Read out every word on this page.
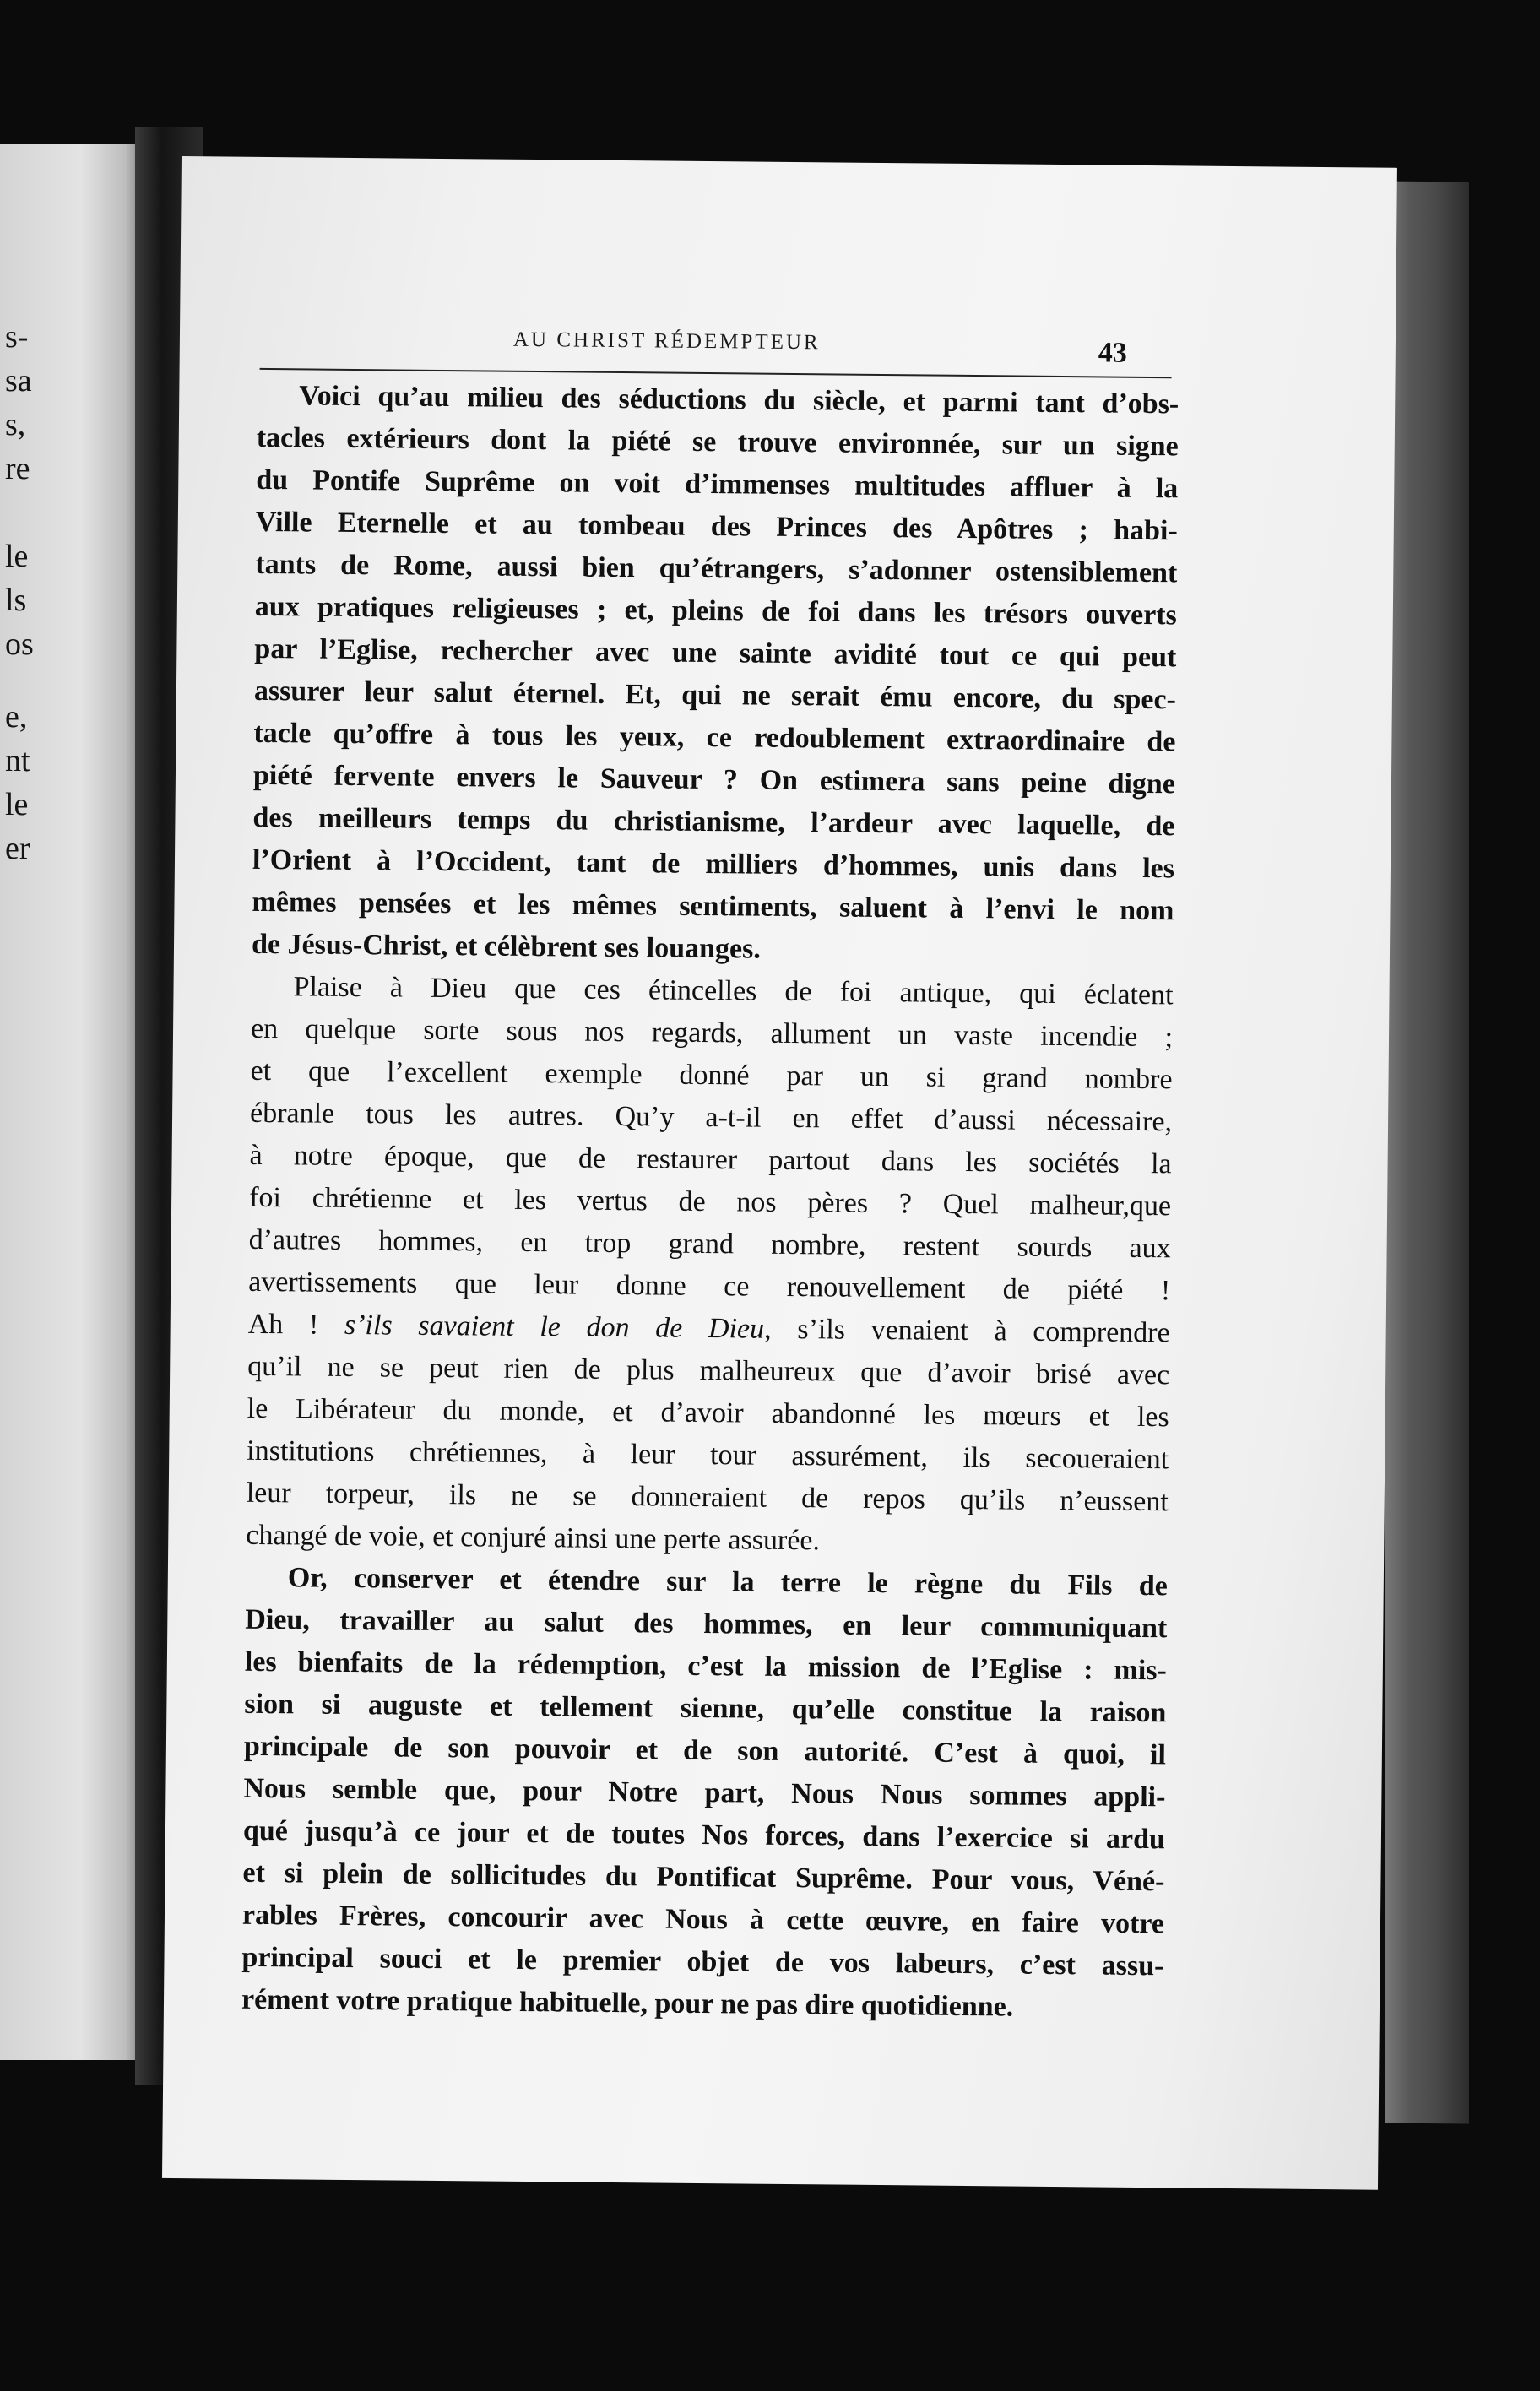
s-
sa
s,
re
le
ls
os
e,
nt
le
er
AU CHRIST RÉDEMPTEUR	43
Voici qu’au milieu des séductions du siècle, et parmi tant d’obs-
tacles extérieurs dont la piété se trouve environnée, sur un signe
du Pontife Suprême on voit d’immenses multitudes affluer à la
Ville Eternelle et au tombeau des Princes des Apôtres ; habi-
tants de Rome, aussi bien qu’étrangers, s’adonner ostensiblement
aux pratiques religieuses ; et, pleins de foi dans les trésors ouverts
par l’Eglise, rechercher avec une sainte avidité tout ce qui peut
assurer leur salut éternel. Et, qui ne serait ému encore, du spec-
tacle qu’offre à tous les yeux, ce redoublement extraordinaire de
piété fervente envers le Sauveur ? On estimera sans peine digne
des meilleurs temps du christianisme, l’ardeur avec laquelle, de
l’Orient à l’Occident, tant de milliers d’hommes, unis dans les
mêmes pensées et les mêmes sentiments, saluent à l’envi le nom
de Jésus-Christ, et célèbrent ses louanges.
Plaise à Dieu que ces étincelles de foi antique, qui éclatent
en quelque sorte sous nos regards, allument un vaste incendie ;
et que l’excellent exemple donné par un si grand nombre
ébranle tous les autres. Qu’y a-t-il en effet d’aussi nécessaire,
à notre époque, que de restaurer partout dans les sociétés la
foi chrétienne et les vertus de nos pères ? Quel malheur,que
d’autres hommes, en trop grand nombre, restent sourds aux
avertissements que leur donne ce renouvellement de piété !
Ah ! s’ils savaient le don de Dieu, s’ils venaient à comprendre
qu’il ne se peut rien de plus malheureux que d’avoir brisé avec
le Libérateur du monde, et d’avoir abandonné les mœurs et les
institutions chrétiennes, à leur tour assurément, ils secoueraient
leur torpeur, ils ne se donneraient de repos qu’ils n’eussent
changé de voie, et conjuré ainsi une perte assurée.
Or, conserver et étendre sur la terre le règne du Fils de
Dieu, travailler au salut des hommes, en leur communiquant
les bienfaits de la rédemption, c’est la mission de l’Eglise : mis-
sion si auguste et tellement sienne, qu’elle constitue la raison
principale de son pouvoir et de son autorité. C’est à quoi, il
Nous semble que, pour Notre part, Nous Nous sommes appli-
qué jusqu’à ce jour et de toutes Nos forces, dans l’exercice si ardu
et si plein de sollicitudes du Pontificat Suprême. Pour vous, Véné-
rables Frères, concourir avec Nous à cette œuvre, en faire votre
principal souci et le premier objet de vos labeurs, c’est assu-
rément votre pratique habituelle, pour ne pas dire quotidienne.
